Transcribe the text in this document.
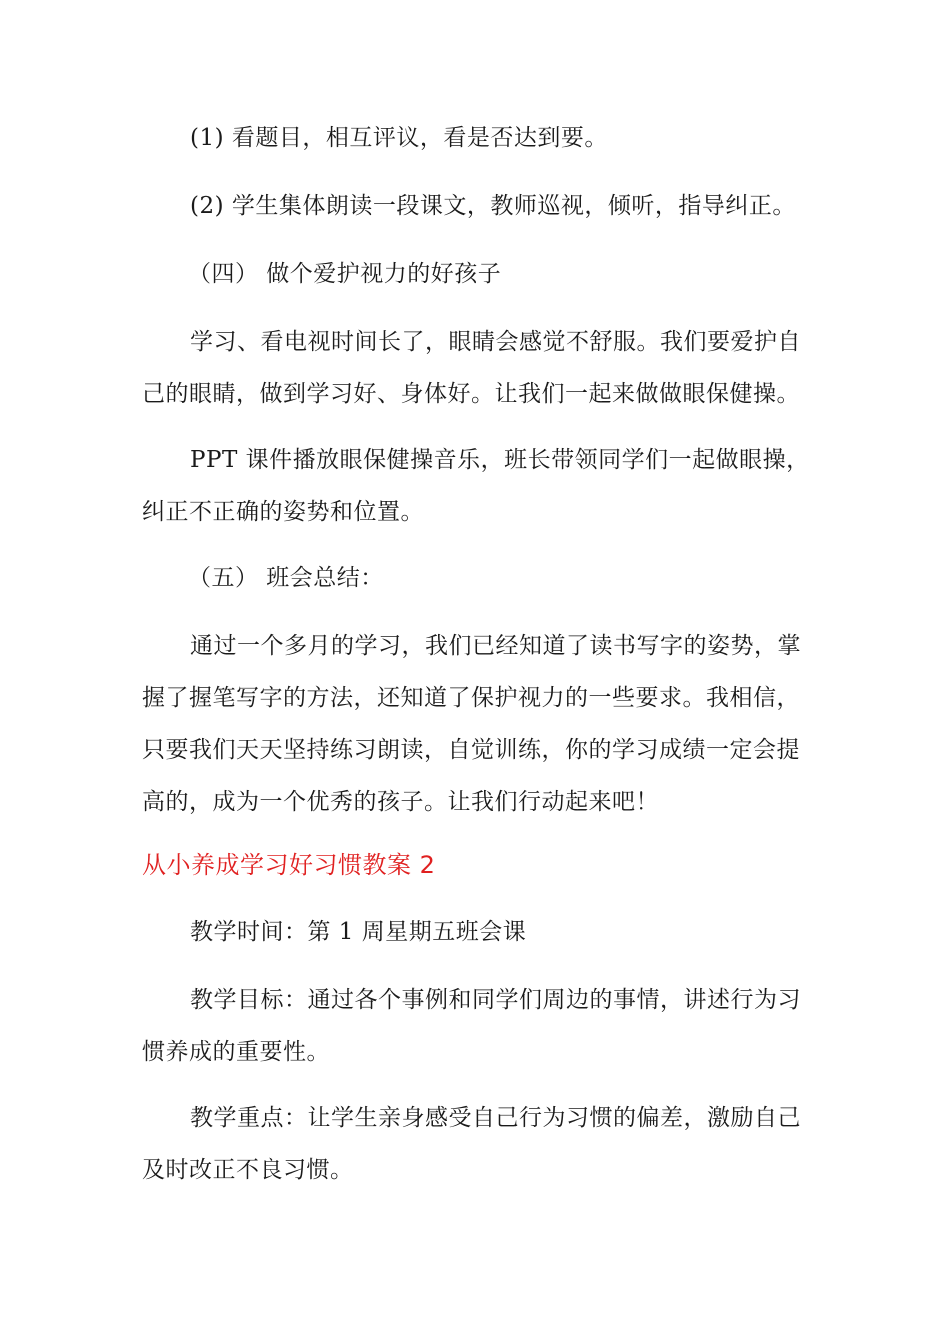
(1) 看题目，相互评议，看是否达到要。
(2) 学生集体朗读一段课文，教师巡视，倾听，指导纠正。
（四） 做个爱护视力的好孩子
学习、看电视时间长了，眼睛会感觉不舒服。我们要爱护自
己的眼睛，做到学习好、身体好。让我们一起来做做眼保健操。
PPT 课件播放眼保健操音乐，班长带领同学们一起做眼操，
纠正不正确的姿势和位置。
（五） 班会总结：
通过一个多月的学习，我们已经知道了读书写字的姿势，掌
握了握笔写字的方法，还知道了保护视力的一些要求。我相信，
只要我们天天坚持练习朗读，自觉训练，你的学习成绩一定会提
高的，成为一个优秀的孩子。让我们行动起来吧！
从小养成学习好习惯教案 2
教学时间：第 1 周星期五班会课
教学目标：通过各个事例和同学们周边的事情，讲述行为习
惯养成的重要性。
教学重点：让学生亲身感受自己行为习惯的偏差，激励自己
及时改正不良习惯。
